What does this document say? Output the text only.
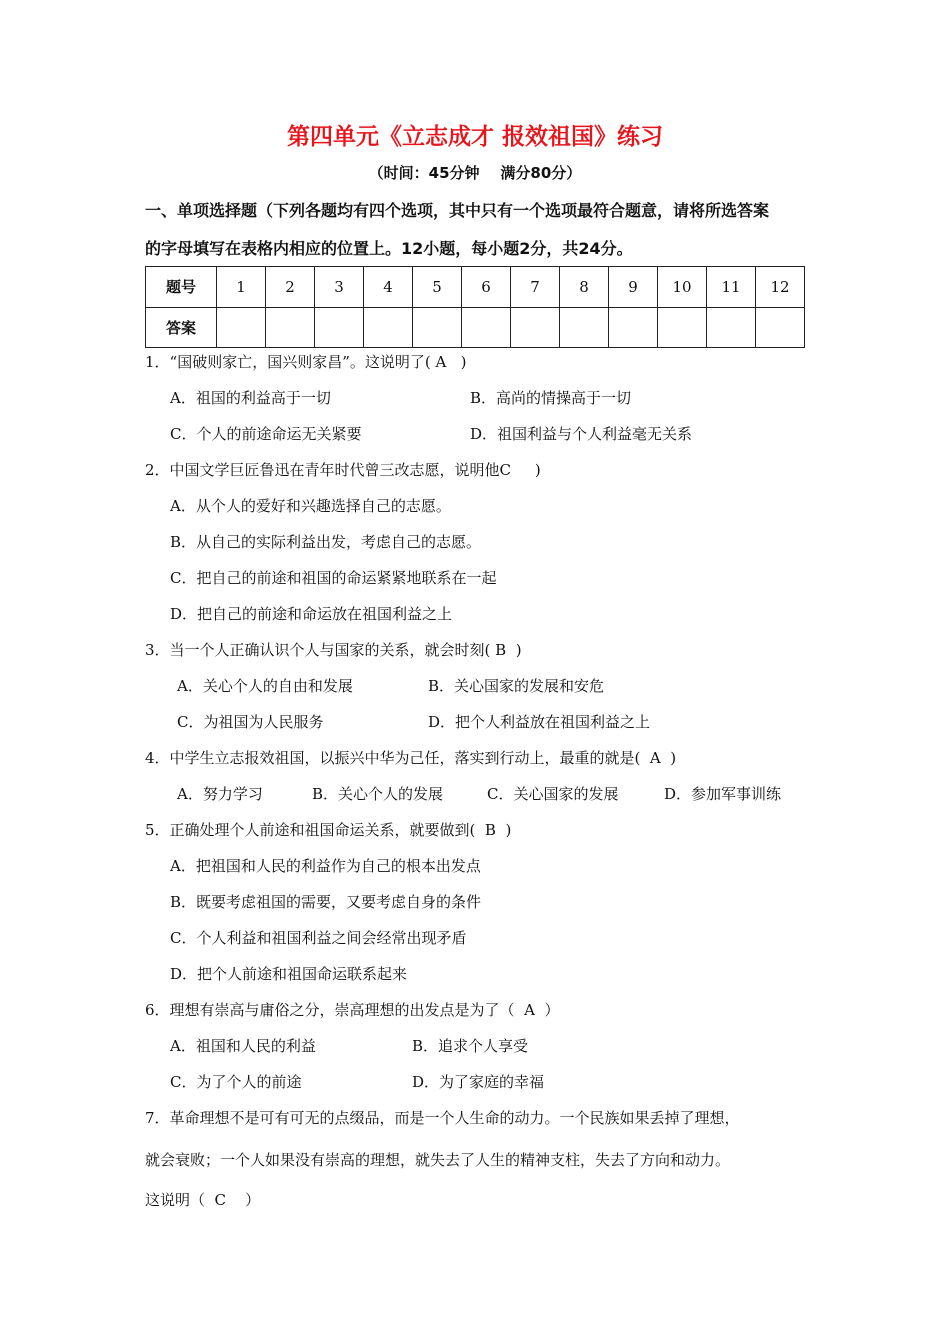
第四单元《立志成才 报效祖国》练习
（时间：45分钟    满分80分）
一、单项选择题（下列各题均有四个选项，其中只有一个选项最符合题意，请将所选答案
的字母填写在表格内相应的位置上。12小题，每小题2分，共24分。
题号	1	2	3	4	5	6	7	8	9	10	11	12
答案												
1．“国破则家亡，国兴则家昌”。这说明了( A   )
A．祖国的利益高于一切	B．高尚的情操高于一切
C．个人的前途命运无关紧要	D．祖国利益与个人利益毫无关系
2．中国文学巨匠鲁迅在青年时代曾三改志愿，说明他C     )
A．从个人的爱好和兴趣选择自己的志愿。
B．从自己的实际利益出发，考虑自己的志愿。
C．把自己的前途和祖国的命运紧紧地联系在一起
D．把自己的前途和命运放在祖国利益之上
3．当一个人正确认识个人与国家的关系，就会时刻( B  )
A．关心个人的自由和发展	B．关心国家的发展和安危
C．为祖国为人民服务	D．把个人利益放在祖国利益之上
4．中学生立志报效祖国，以振兴中华为己任，落实到行动上，最重的就是(  A  )
A．努力学习	B．关心个人的发展	C．关心国家的发展	D．参加军事训练
5．正确处理个人前途和祖国命运关系，就要做到(  B  )
A．把祖国和人民的利益作为自己的根本出发点
B．既要考虑祖国的需要，又要考虑自身的条件
C．个人利益和祖国利益之间会经常出现矛盾
D．把个人前途和祖国命运联系起来
6．理想有崇高与庸俗之分，崇高理想的出发点是为了（  A  ）
A．祖国和人民的利益	B．追求个人享受
C．为了个人的前途	D．为了家庭的幸福
7．革命理想不是可有可无的点缀品，而是一个人生命的动力。一个民族如果丢掉了理想，
就会衰败；一个人如果没有崇高的理想，就失去了人生的精神支柱，失去了方向和动力。
这说明（  C    ）
